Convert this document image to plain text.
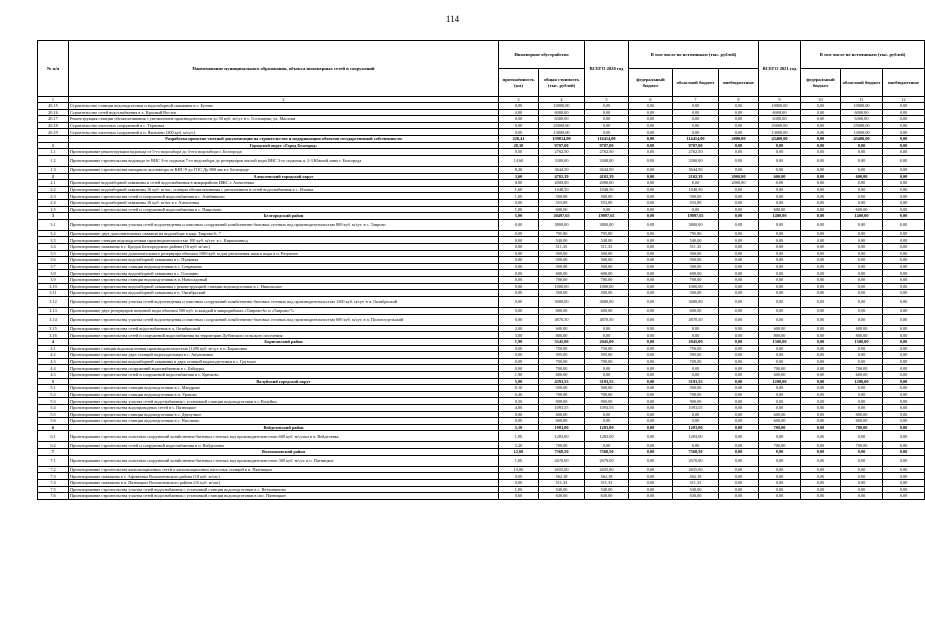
114
№ п/п	Наименование муниципального образования, объекта инженерных сетей и сооружений	Инженерное обустройство		ВСЕГО 2020 год	В том числе по источникам (тыс. рублей)			ВСЕГО 2021 год	В том числе по источникам (тыс. рублей)		
		протяжённость (км)	общая стоимость (тыс. рублей)		федеральный бюджет	областной бюджет	внебюджетные		федеральный бюджет	областной бюджет	внебюджетные
1	2	3	4	5	6	7	8	9	10	11	12
20.15	Строительство станции водоподготовки и водозаборной скважины в с. Бутово	0,00	10000,00	0,00	0,00	0,00	0,00	10000,00	0,00	10000,00	0,00
20.16	Строительство сетей водоснабжения в х. Красный Восток	4,00	6000,00	0,00	0,00	0,00	0,00	6000,00	0,00	6000,00	0,00
20.17	Реконструкция станции обезжелезивания с увеличением производительности до 50 куб. м/сут. в с. Гостищево, ул. Маслова	0,00	6300,00	0,00	0,00	0,00	0,00	6300,00	0,00	6300,00	0,00
20.18	Строительство очистных сооружений в с. Терновка	0,00	25000,00	0,00	0,00	0,00	0,00	25000,00	0,00	25000,00	0,00
20.19	Строительство очистных сооружений в п. Яковлево (300 куб. м/сут.)	0,00	13000,00	0,00	0,00	0,00	0,00	13000,00	0,00	13000,00	0,00
	Разработка проектно-сметной документации на строительство и модернизацию объектов государственной собственности	226,41	159814,00	116414,00	0,00	114414,00	2000,00	43400,00	0,00	43400,00	0,00
1	Городской округ «Город Белгород»	28,30	9707,00	9707,00	0,00	9707,00	0,00	0,00	0,00	0,00	0,00
1.1	Проектирование реконструкции водовода от 5-го водозабора до 3-его водозабора г. Белгорода	5,50	2762,50	2762,50	0,00	2762,50	0,00	0,00	0,00	0,00	0,00
1.2	Проектирование строительства водовода от ВНС 3-го подъема 7-го водозабора до резервуаров чистой воды ВНС 3-го подъема п. 2-3 Южной зоны г. Белгорода	14,60	3300,00	3300,00	0,00	3300,00	0,00	0,00	0,00	0,00	0,00
1.3	Проектирование строительства напорного коллектора от КНС-9 до ГОС Ду-800 мм в г. Белгороде	8,20	3644,50	3644,50	0,00	3644,50	0,00	0,00	0,00	0,00	0,00
2	Алексеевский городской округ	3,60	4702,39	4102,39	0,00	2102,39	2000,00	600,00	0,00	600,00	0,00
2.1	Проектирование водозаборной скважины и сетей водоснабжения в микрорайоне ИЖС г. Алексеевка	0,00	2000,00	2000,00	0,00	0,00	2000,00	0,00	0,00	0,00	0,00
2.2	Проектирование водозаборной скважины 10 куб. м/час, станции обезжелезивания с увеличением и сетей водоснабжения в с. Иловка	1,60	1048,50	1048,50	0,00	1048,50	0,00	0,00	0,00	0,00	0,00
2.3	Проектирование строительства сетей и сооружений водоснабжения в с. Алейниково	1,00	500,00	500,00	0,00	500,00	0,00	0,00	0,00	0,00	0,00
2.4	Проектирование водозаборной скважины 16 куб. м/час в г. Алексеевка	0,00	553,89	553,89	0,00	553,89	0,00	0,00	0,00	0,00	0,00
2.5	Проектирование строительства сетей и сооружений водоснабжения в с. Паврозово	1,00	600,00	0,00	0,00	0,00	0,00	600,00	0,00	600,00	0,00
3	Белгородский район	5,00	20497,65	19097,65	0,00	19097,65	0,00	1400,00	0,00	1400,00	0,00
3.1	Проектирование строительства участка сетей водоотведения и очистных сооружений хозяйственно-бытовых сточных вод производительностью 800 куб. м/сут. в с. Таврово	0,00	3800,00	3800,00	0,00	3800,00	0,00	0,00	0,00	0,00	0,00
3.2	Проектирование двух дополнительных скважин на водозаборе в мкр. Таврово-6, 7	0,00	795,80	795,80	0,00	795,80	0,00	0,00	0,00	0,00	0,00
3.3	Проектирование станции водоподготовки производительностью 100 куб. м/сут. в с. Кирпичзавод	0,00	540,00	540,00	0,00	540,00	0,00	0,00	0,00	0,00	0,00
3.4	Проектирование скважины в с. Бродок Белгородского района (16 куб. м/час)	0,00	511,35	511,35	0,00	511,35	0,00	0,00	0,00	0,00	0,00
3.5	Проектирование строительства дополнительного резервуара объемом 1000 куб. м для увеличения запаса воды в п. Разумное	0,00	500,00	500,00	0,00	500,00	0,00	0,00	0,00	0,00	0,00
3.6	Проектирование строительства водозаборной скважины в с. Пуляевка	0,00	500,00	500,00	0,00	500,00	0,00	0,00	0,00	0,00	0,00
3.7	Проектирование строительства станции водоподготовки в с. Севрюково	0,00	500,00	500,00	0,00	500,00	0,00	0,00	0,00	0,00	0,00
3.8	Проектирование строительства водозаборной скважины в с. Головино	0,00	600,00	600,00	0,00	600,00	0,00	0,00	0,00	0,00	0,00
3.9	Проектирование строительства станции водоподготовки в п. Новосадовый	0,00	700,00	700,00	0,00	700,00	0,00	0,00	0,00	0,00	0,00
3.10	Проектирование строительства водозаборной скважины с реконструкцией станции водоподготовки в с. Никольское	0,00	1000,00	1000,00	0,00	1000,00	0,00	0,00	0,00	0,00	0,00
3.11	Проектирование строительства водозаборной скважины в п. Октябрьский	0,00	500,00	500,00	0,00	500,00	0,00	0,00	0,00	0,00	0,00
3.12	Проектирование строительства участка сетей водоотведения и очистных сооружений хозяйственно-бытовых сточных вод производительностью 1200 куб. м/сут. в п. Октябрьский	0,00	3680,00	3680,00	0,00	3680,00	0,00	0,00	0,00	0,00	0,00
3.13	Проектирование двух резервуаров питьевой воды объемом 500 куб. м каждый в микрорайонах «Таврово-6» и «Таврово-7»	0,00	600,00	600,00	0,00	600,00	0,00	0,00	0,00	0,00	0,00
3.14	Проектирование строительства участка сетей водоотведения и очистных сооружений хозяйственно-бытовых сточных вод производительностью 600 куб. м/сут. в п. Политотдельский	0,00	4870,50	4870,50	0,00	4870,50	0,00	0,00	0,00	0,00	0,00
3.15	Проектирование строительства сетей водоснабжения в п. Октябрьский	2,00	600,00	0,00	0,00	0,00	0,00	600,00	0,00	600,00	0,00
3.16	Проектирование строительства сетей и сооружений водоснабжения на территории Дубовского сельского поселения	3,00	800,00	0,00	0,00	0,00	0,00	800,00	0,00	800,00	0,00
4	Борисовский район	1,90	3345,00	2045,00	0,00	2045,00	0,00	1300,00	0,00	1300,00	0,00
4.1	Проектирование станции водоподготовки производительностью (1200 куб. м/сут. в п. Борисовка	0,00	750,00	750,00	0,00	750,00	0,00	0,00	0,00	0,00	0,00
4.2	Проектирование строительства двух станций водоподготовки в с. Акулиновка	0,00	595,00	595,00	0,00	595,00	0,00	0,00	0,00	0,00	0,00
4.3	Проектирование строительства водозаборной скважины и двух станций водоподготовки в с. Грузское	0,00	700,00	700,00	0,00	700,00	0,00	0,00	0,00	0,00	0,00
4.4	Проектирование строительства сооружений водоснабжения в с. Байцуры	0,00	700,00	0,00	0,00	0,00	0,00	700,00	0,00	700,00	0,00
4.5	Проектирование строительства сетей и сооружений водоснабжения в с. Крюково	1,90	600,00	0,00	0,00	0,00	0,00	600,00	0,00	600,00	0,00
5	Валуйский городской округ	5,00	4393,55	3193,55	0,00	3193,55	0,00	1200,00	0,00	1200,00	0,00
5.1	Проектирование строительства станции водоподготовки в с. Мандрово	0,10	500,00	500,00	0,00	500,00	0,00	0,00	0,00	0,00	0,00
5.2	Проектирование строительства станции водоподготовки в п. Уразово	0,40	700,00	700,00	0,00	700,00	0,00	0,00	0,00	0,00	0,00
5.3	Проектирование строительства участка сетей водоснабжения с установкой станции водоподготовки в г. Валуйки	0,50	900,00	900,00	0,00	900,00	0,00	0,00	0,00	0,00	0,00
5.4	Проектирование строительства водопроводных сетей в с. Пятницкое	4,00	1093,55	1093,55	0,00	1093,55	0,00	0,00	0,00	0,00	0,00
5.5	Проектирование строительства станции водоподготовки в с. Двулучное	0,00	600,00	0,00	0,00	0,00	0,00	600,00	0,00	600,00	0,00
5.6	Проектирование строительства станции водоподготовки в с. Насоново	0,00	600,00	0,00	0,00	0,00	0,00	600,00	0,00	600,00	0,00
6	Вейделевский район	5,10	1983,00	1283,00	0,00	1283,00	0,00	700,00	0,00	700,00	0,00
6.1	Проектирование строительства очистных сооружений хозяйственно-бытовых сточных вод производительностью 600 куб. м/сутки в п. Вейделевка	1,90	1283,00	1283,00	0,00	1283,00	0,00	0,00	0,00	0,00	0,00
6.2	Проектирование строительства сетей и сооружений водоснабжения в п. Вейделевка	3,20	700,00	0,00	0,00	0,00	0,00	700,00	0,00	700,00	0,00
7	Волоконовский район	12,60	7568,50	7568,50	0,00	7568,50	0,00	0,00	0,00	0,00	0,00
7.1	Проектирование строительства очистных сооружений хозяйственно-бытовых сточных вод производительностью 300 куб. м/сут. в п. Пятницкое	1,00	2670,00	2670,00	0,00	2670,00	0,00	0,00	0,00	0,00	0,00
7.2	Проектирование строительства канализационных сетей и канализационных насосных станций в п. Пятницкое	10,00	2655,00	2655,00	0,00	2655,00	0,00	0,00	0,00	0,00	0,00
7.3	Проектирование скважины в с. Афоньевка Волоконовского района (10 куб. м/час)	0,00	562,18	562,18	0,00	562,18	0,00	0,00	0,00	0,00	0,00
7.4	Проектирование скважины в п. Пятницкое Волоконовского района (16 куб. м/час)	0,00	511,33	511,33	0,00	511,33	0,00	0,00	0,00	0,00	0,00
7.5	Проектирование строительства участка сетей водоснабжения с установкой станции водоподготовки в с. Ветчининово	1,00	540,00	540,00	0,00	540,00	0,00	0,00	0,00	0,00	0,00
7.6	Проектирование строительства участка сетей водоснабжения с установкой станции водоподготовки в пос. Пятницкое	0,60	630,00	630,00	0,00	630,00	0,00	0,00	0,00	0,00	0,00
